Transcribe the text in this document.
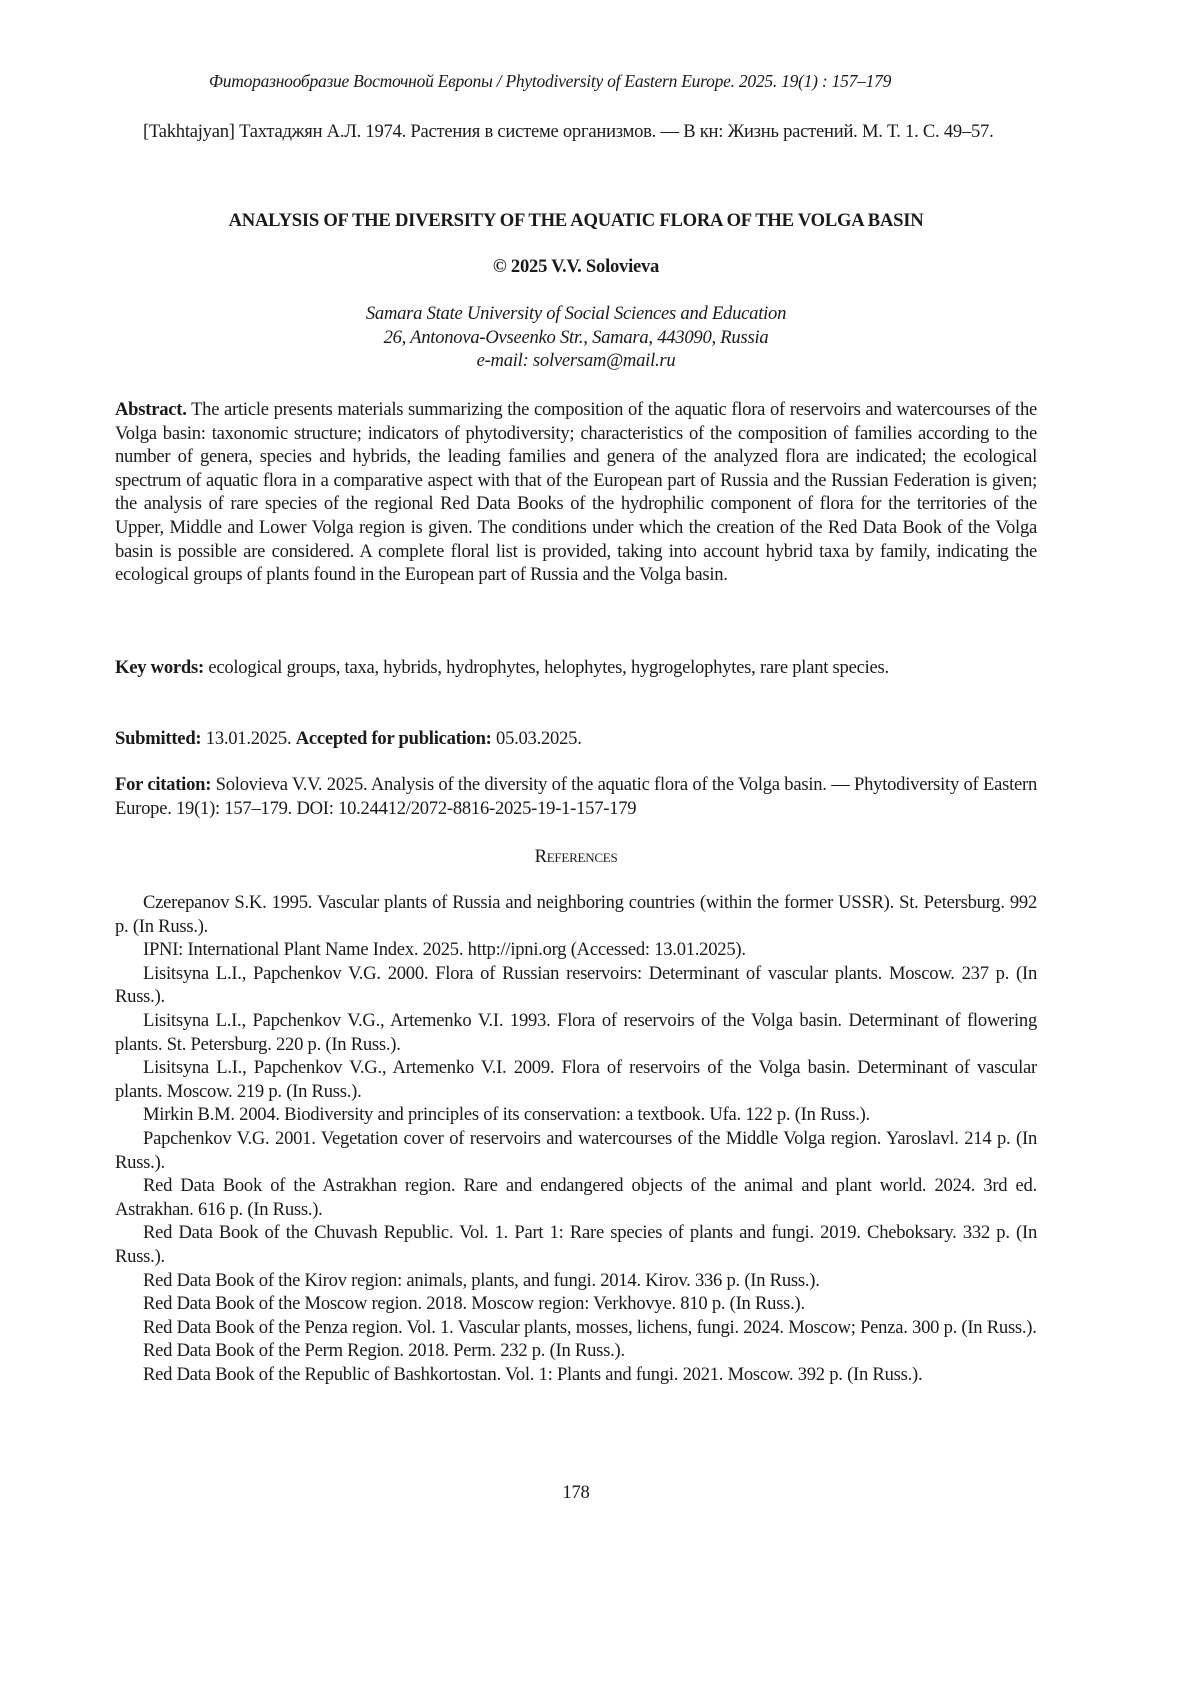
Фиторазнообразие Восточной Европы / Phytodiversity of Eastern Europe. 2025. 19(1) : 157–179
[Takhtajyan] Тахтаджян А.Л. 1974. Растения в системе организмов. — В кн: Жизнь растений. М. Т. 1. С. 49–57.
ANALYSIS OF THE DIVERSITY OF THE AQUATIC FLORA OF THE VOLGA BASIN
© 2025 V.V. Solovieva
Samara State University of Social Sciences and Education
26, Antonova-Ovseenko Str., Samara, 443090, Russia
e-mail: solversam@mail.ru
Abstract. The article presents materials summarizing the composition of the aquatic flora of reservoirs and watercourses of the Volga basin: taxonomic structure; indicators of phytodiversity; characteristics of the composition of families according to the number of genera, species and hybrids, the leading families and genera of the analyzed flora are indicated; the ecological spectrum of aquatic flora in a comparative aspect with that of the European part of Russia and the Russian Federation is given; the analysis of rare species of the regional Red Data Books of the hydrophilic component of flora for the territories of the Upper, Middle and Lower Volga region is given. The conditions under which the creation of the Red Data Book of the Volga basin is possible are considered. A complete floral list is provided, taking into account hybrid taxa by family, indicating the ecological groups of plants found in the European part of Russia and the Volga basin.
Key words: ecological groups, taxa, hybrids, hydrophytes, helophytes, hygrogelophytes, rare plant species.
Submitted: 13.01.2025. Accepted for publication: 05.03.2025.
For citation: Solovieva V.V. 2025. Analysis of the diversity of the aquatic flora of the Volga basin. — Phytodiversity of Eastern Europe. 19(1): 157–179. DOI: 10.24412/2072-8816-2025-19-1-157-179
References

Czerepanov S.K. 1995. Vascular plants of Russia and neighboring countries (within the former USSR). St. Petersburg. 992 p. (In Russ.).

IPNI: International Plant Name Index. 2025. http://ipni.org (Accessed: 13.01.2025).

Lisitsyna L.I., Papchenkov V.G. 2000. Flora of Russian reservoirs: Determinant of vascular plants. Moscow. 237 p. (In Russ.).

Lisitsyna L.I., Papchenkov V.G., Artemenko V.I. 1993. Flora of reservoirs of the Volga basin. Determinant of flowering plants. St. Petersburg. 220 p. (In Russ.).

Lisitsyna L.I., Papchenkov V.G., Artemenko V.I. 2009. Flora of reservoirs of the Volga basin. Determinant of vascular plants. Moscow. 219 p. (In Russ.).

Mirkin B.M. 2004. Biodiversity and principles of its conservation: a textbook. Ufa. 122 p. (In Russ.).

Papchenkov V.G. 2001. Vegetation cover of reservoirs and watercourses of the Middle Volga region. Yaroslavl. 214 p. (In Russ.).

Red Data Book of the Astrakhan region. Rare and endangered objects of the animal and plant world. 2024. 3rd ed. Astrakhan. 616 p. (In Russ.).

Red Data Book of the Chuvash Republic. Vol. 1. Part 1: Rare species of plants and fungi. 2019. Cheboksary. 332 p. (In Russ.).

Red Data Book of the Kirov region: animals, plants, and fungi. 2014. Kirov. 336 p. (In Russ.).

Red Data Book of the Moscow region. 2018. Moscow region: Verkhovye. 810 p. (In Russ.).

Red Data Book of the Penza region. Vol. 1. Vascular plants, mosses, lichens, fungi. 2024. Moscow; Penza. 300 p. (In Russ.).

Red Data Book of the Perm Region. 2018. Perm. 232 p. (In Russ.).

Red Data Book of the Republic of Bashkortostan. Vol. 1: Plants and fungi. 2021. Moscow. 392 p. (In Russ.).

178
